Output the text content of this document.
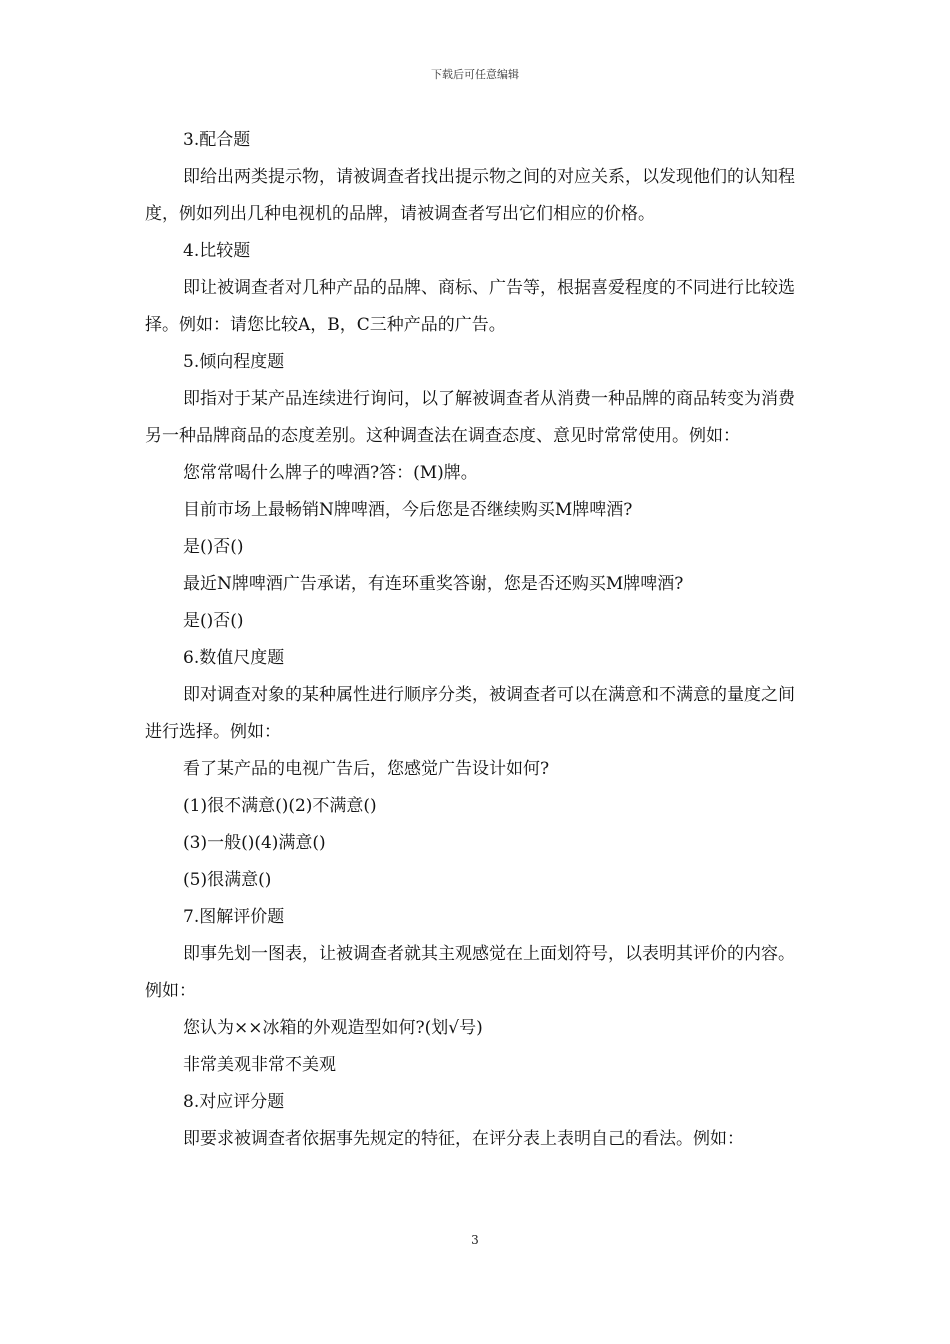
下载后可任意编辑

3.配合题

即给出两类提示物，请被调查者找出提示物之间的对应关系，以发现他们的认知程度，例如列出几种电视机的品牌，请被调查者写出它们相应的价格。

4.比较题

即让被调查者对几种产品的品牌、商标、广告等，根据喜爱程度的不同进行比较选择。例如：请您比较A，B，C三种产品的广告。

5.倾向程度题

即指对于某产品连续进行询问，以了解被调查者从消费一种品牌的商品转变为消费另一种品牌商品的态度差别。这种调查法在调查态度、意见时常常使用。例如：

您常常喝什么牌子的啤酒?答：(M)牌。

目前市场上最畅销N牌啤酒，今后您是否继续购买M牌啤酒?

是()否()

最近N牌啤酒广告承诺，有连环重奖答谢，您是否还购买M牌啤酒?

是()否()

6.数值尺度题

即对调查对象的某种属性进行顺序分类，被调查者可以在满意和不满意的量度之间进行选择。例如：

看了某产品的电视广告后，您感觉广告设计如何?

(1)很不满意()(2)不满意()

(3)一般()(4)满意()

(5)很满意()

7.图解评价题

即事先划一图表，让被调查者就其主观感觉在上面划符号，以表明其评价的内容。例如：

您认为××冰箱的外观造型如何?(划√号)

非常美观非常不美观

8.对应评分题

即要求被调查者依据事先规定的特征，在评分表上表明自己的看法。例如：

3
